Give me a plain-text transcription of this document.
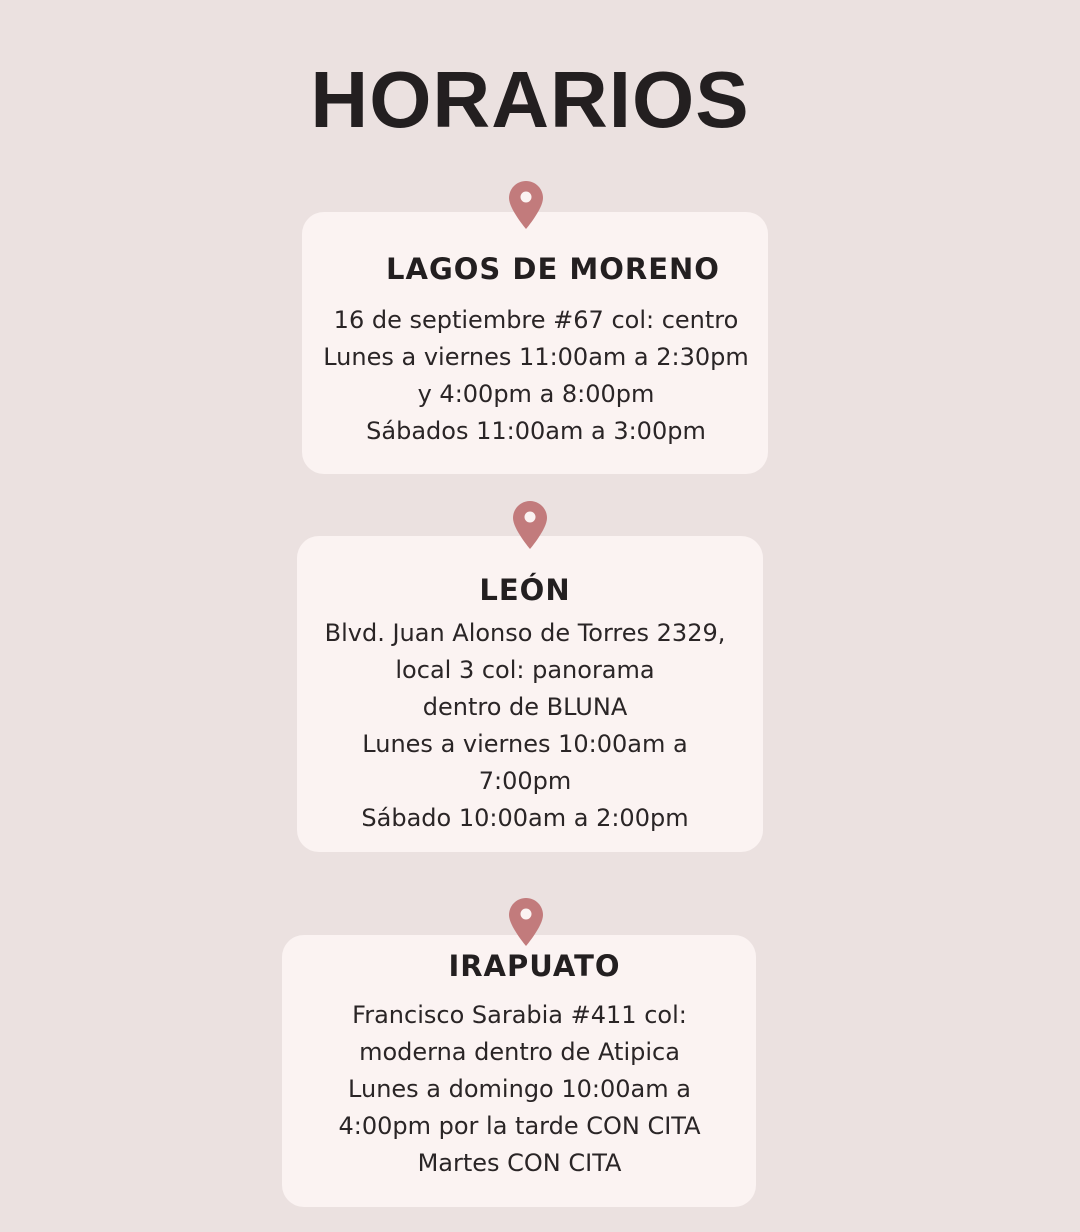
HORARIOS
LAGOS DE MORENO
16 de septiembre #67 col: centro
Lunes a viernes 11:00am a 2:30pm
y 4:00pm a 8:00pm
Sábados 11:00am a 3:00pm
LEÓN
Blvd. Juan Alonso de Torres 2329,
local 3 col: panorama
dentro de BLUNA
Lunes a viernes 10:00am a
7:00pm
Sábado 10:00am a 2:00pm
IRAPUATO
Francisco Sarabia #411 col:
moderna dentro de Atipica
Lunes a domingo 10:00am a
4:00pm por la tarde CON CITA
Martes CON CITA
